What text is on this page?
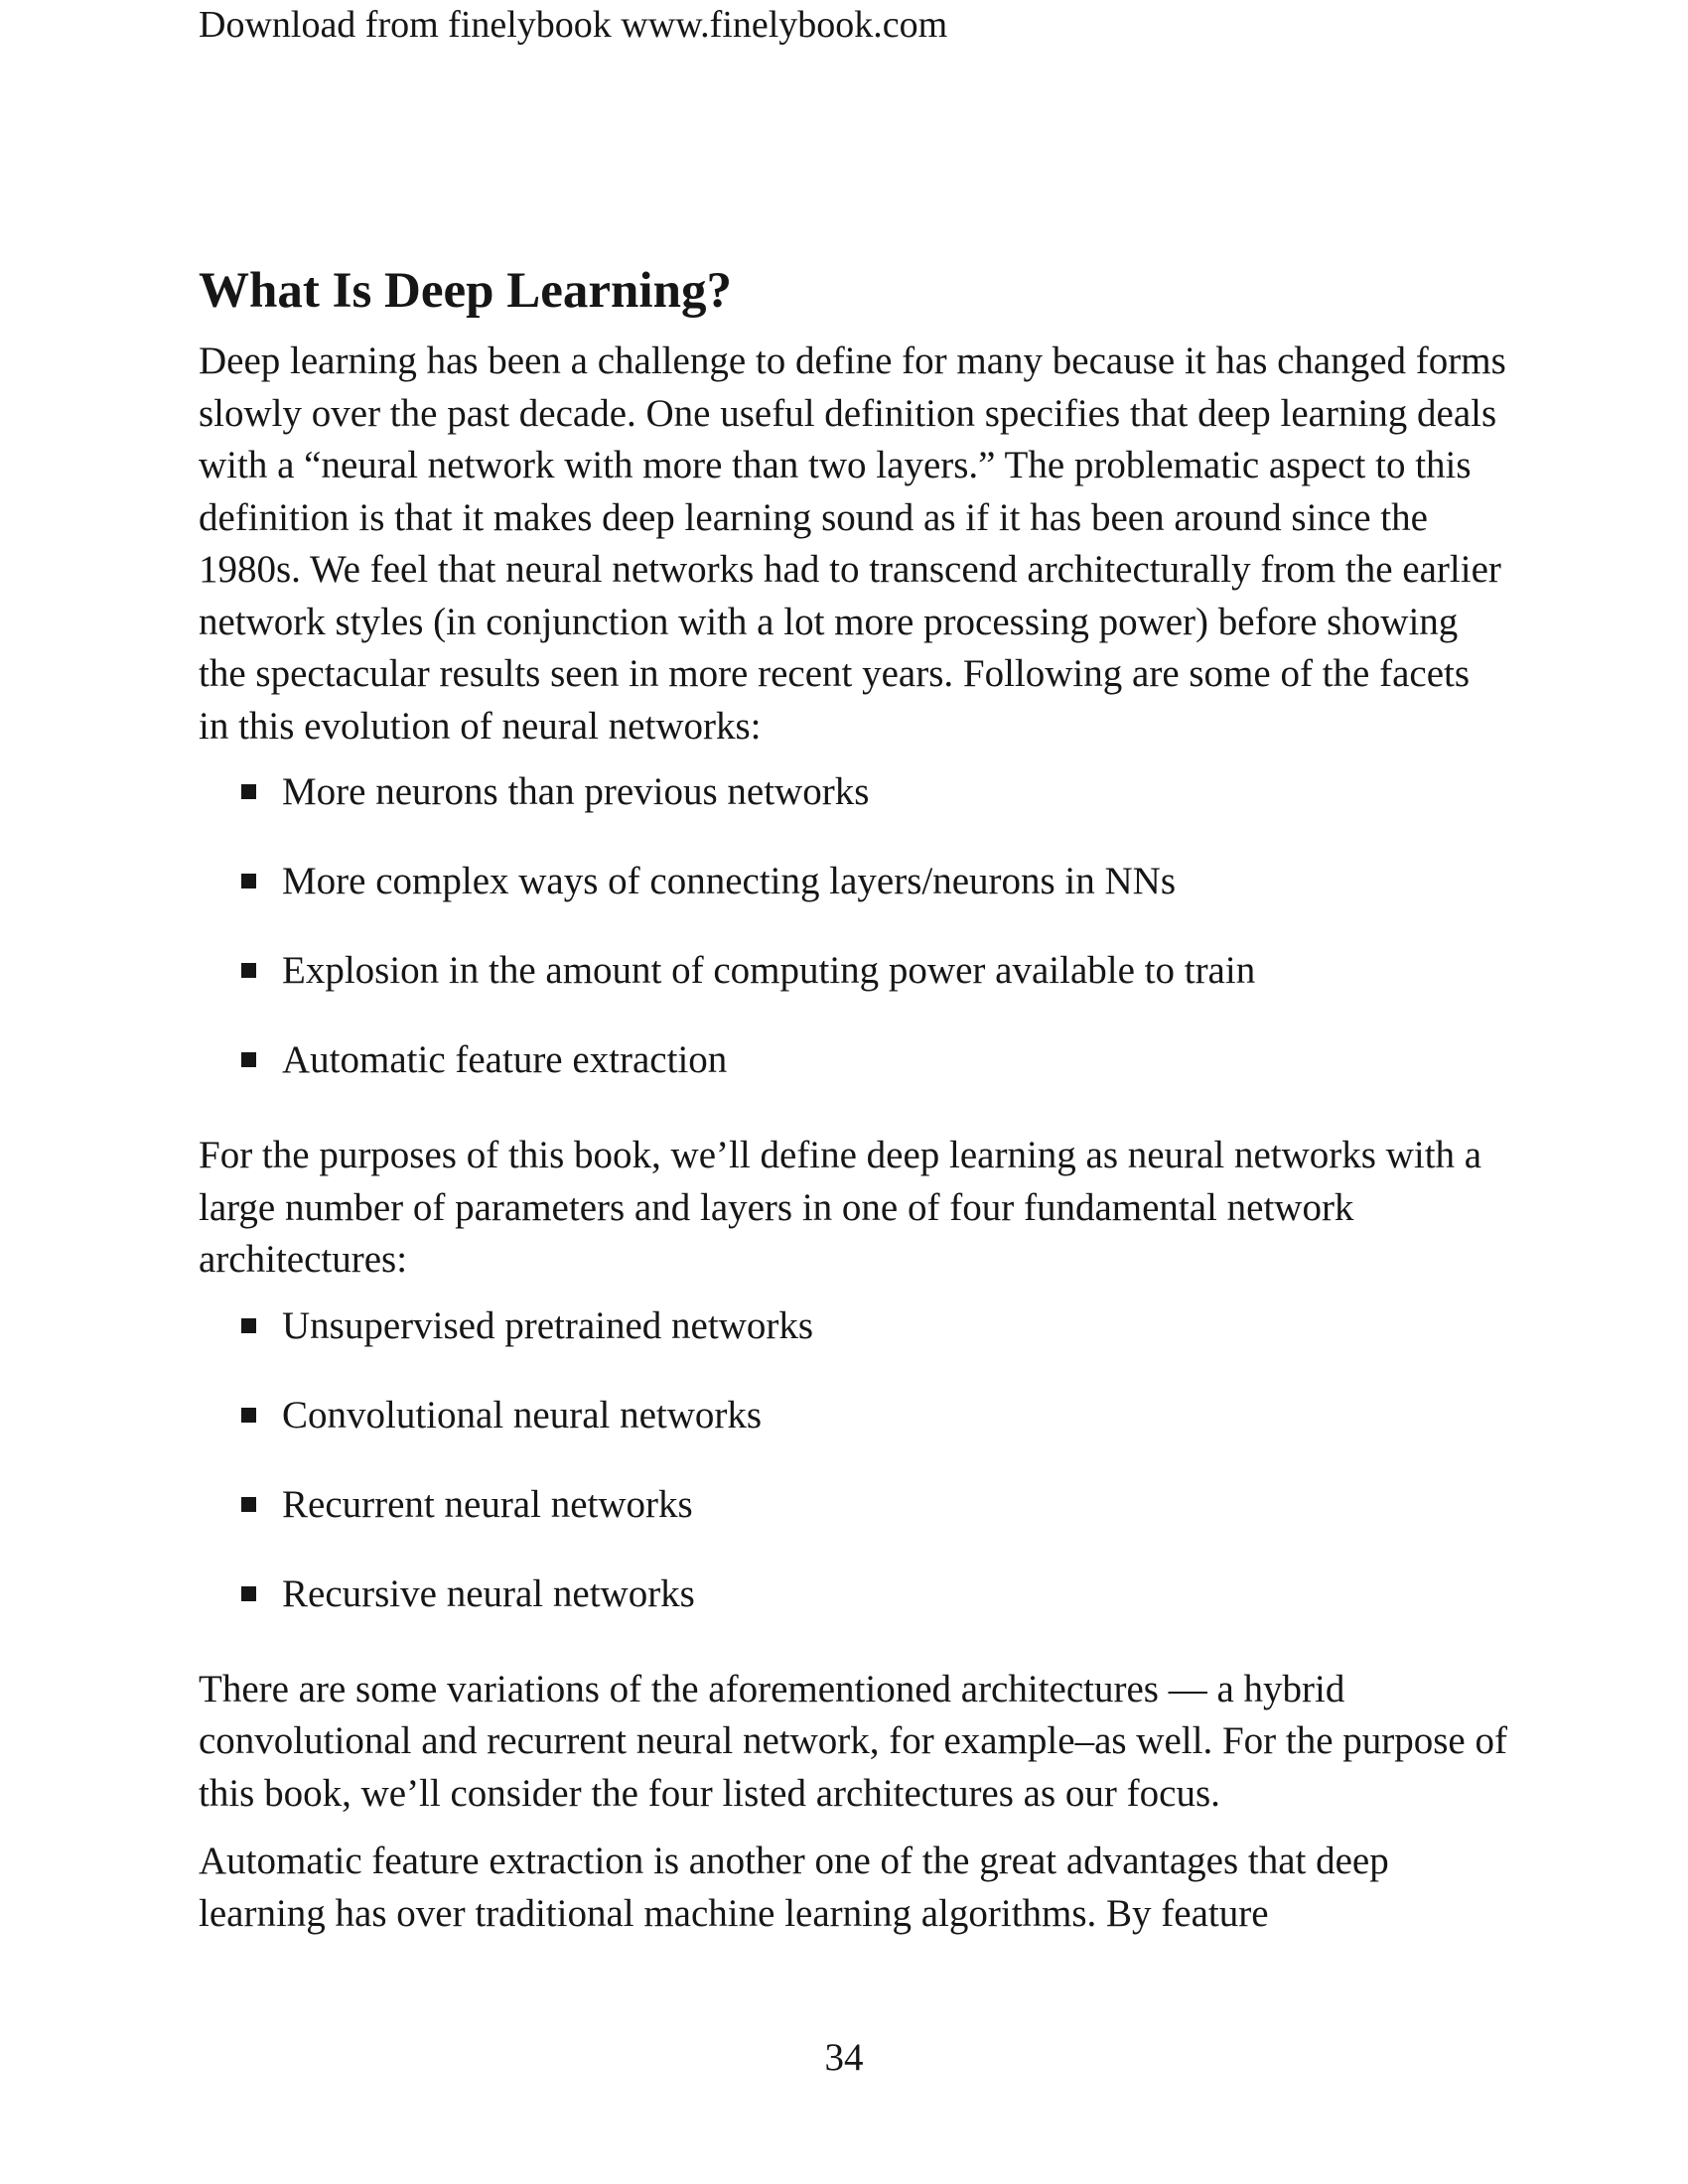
Download from finelybook www.finelybook.com

What Is Deep Learning?

Deep learning has been a challenge to define for many because it has changed forms slowly over the past decade. One useful definition specifies that deep learning deals with a “neural network with more than two layers.” The problematic aspect to this definition is that it makes deep learning sound as if it has been around since the 1980s. We feel that neural networks had to transcend architecturally from the earlier network styles (in conjunction with a lot more processing power) before showing the spectacular results seen in more recent years. Following are some of the facets in this evolution of neural networks:

More neurons than previous networks
More complex ways of connecting layers/neurons in NNs
Explosion in the amount of computing power available to train
Automatic feature extraction

For the purposes of this book, we’ll define deep learning as neural networks with a large number of parameters and layers in one of four fundamental network architectures:

Unsupervised pretrained networks
Convolutional neural networks
Recurrent neural networks
Recursive neural networks

There are some variations of the aforementioned architectures — a hybrid convolutional and recurrent neural network, for example–as well. For the purpose of this book, we’ll consider the four listed architectures as our focus.

Automatic feature extraction is another one of the great advantages that deep learning has over traditional machine learning algorithms. By feature

34
